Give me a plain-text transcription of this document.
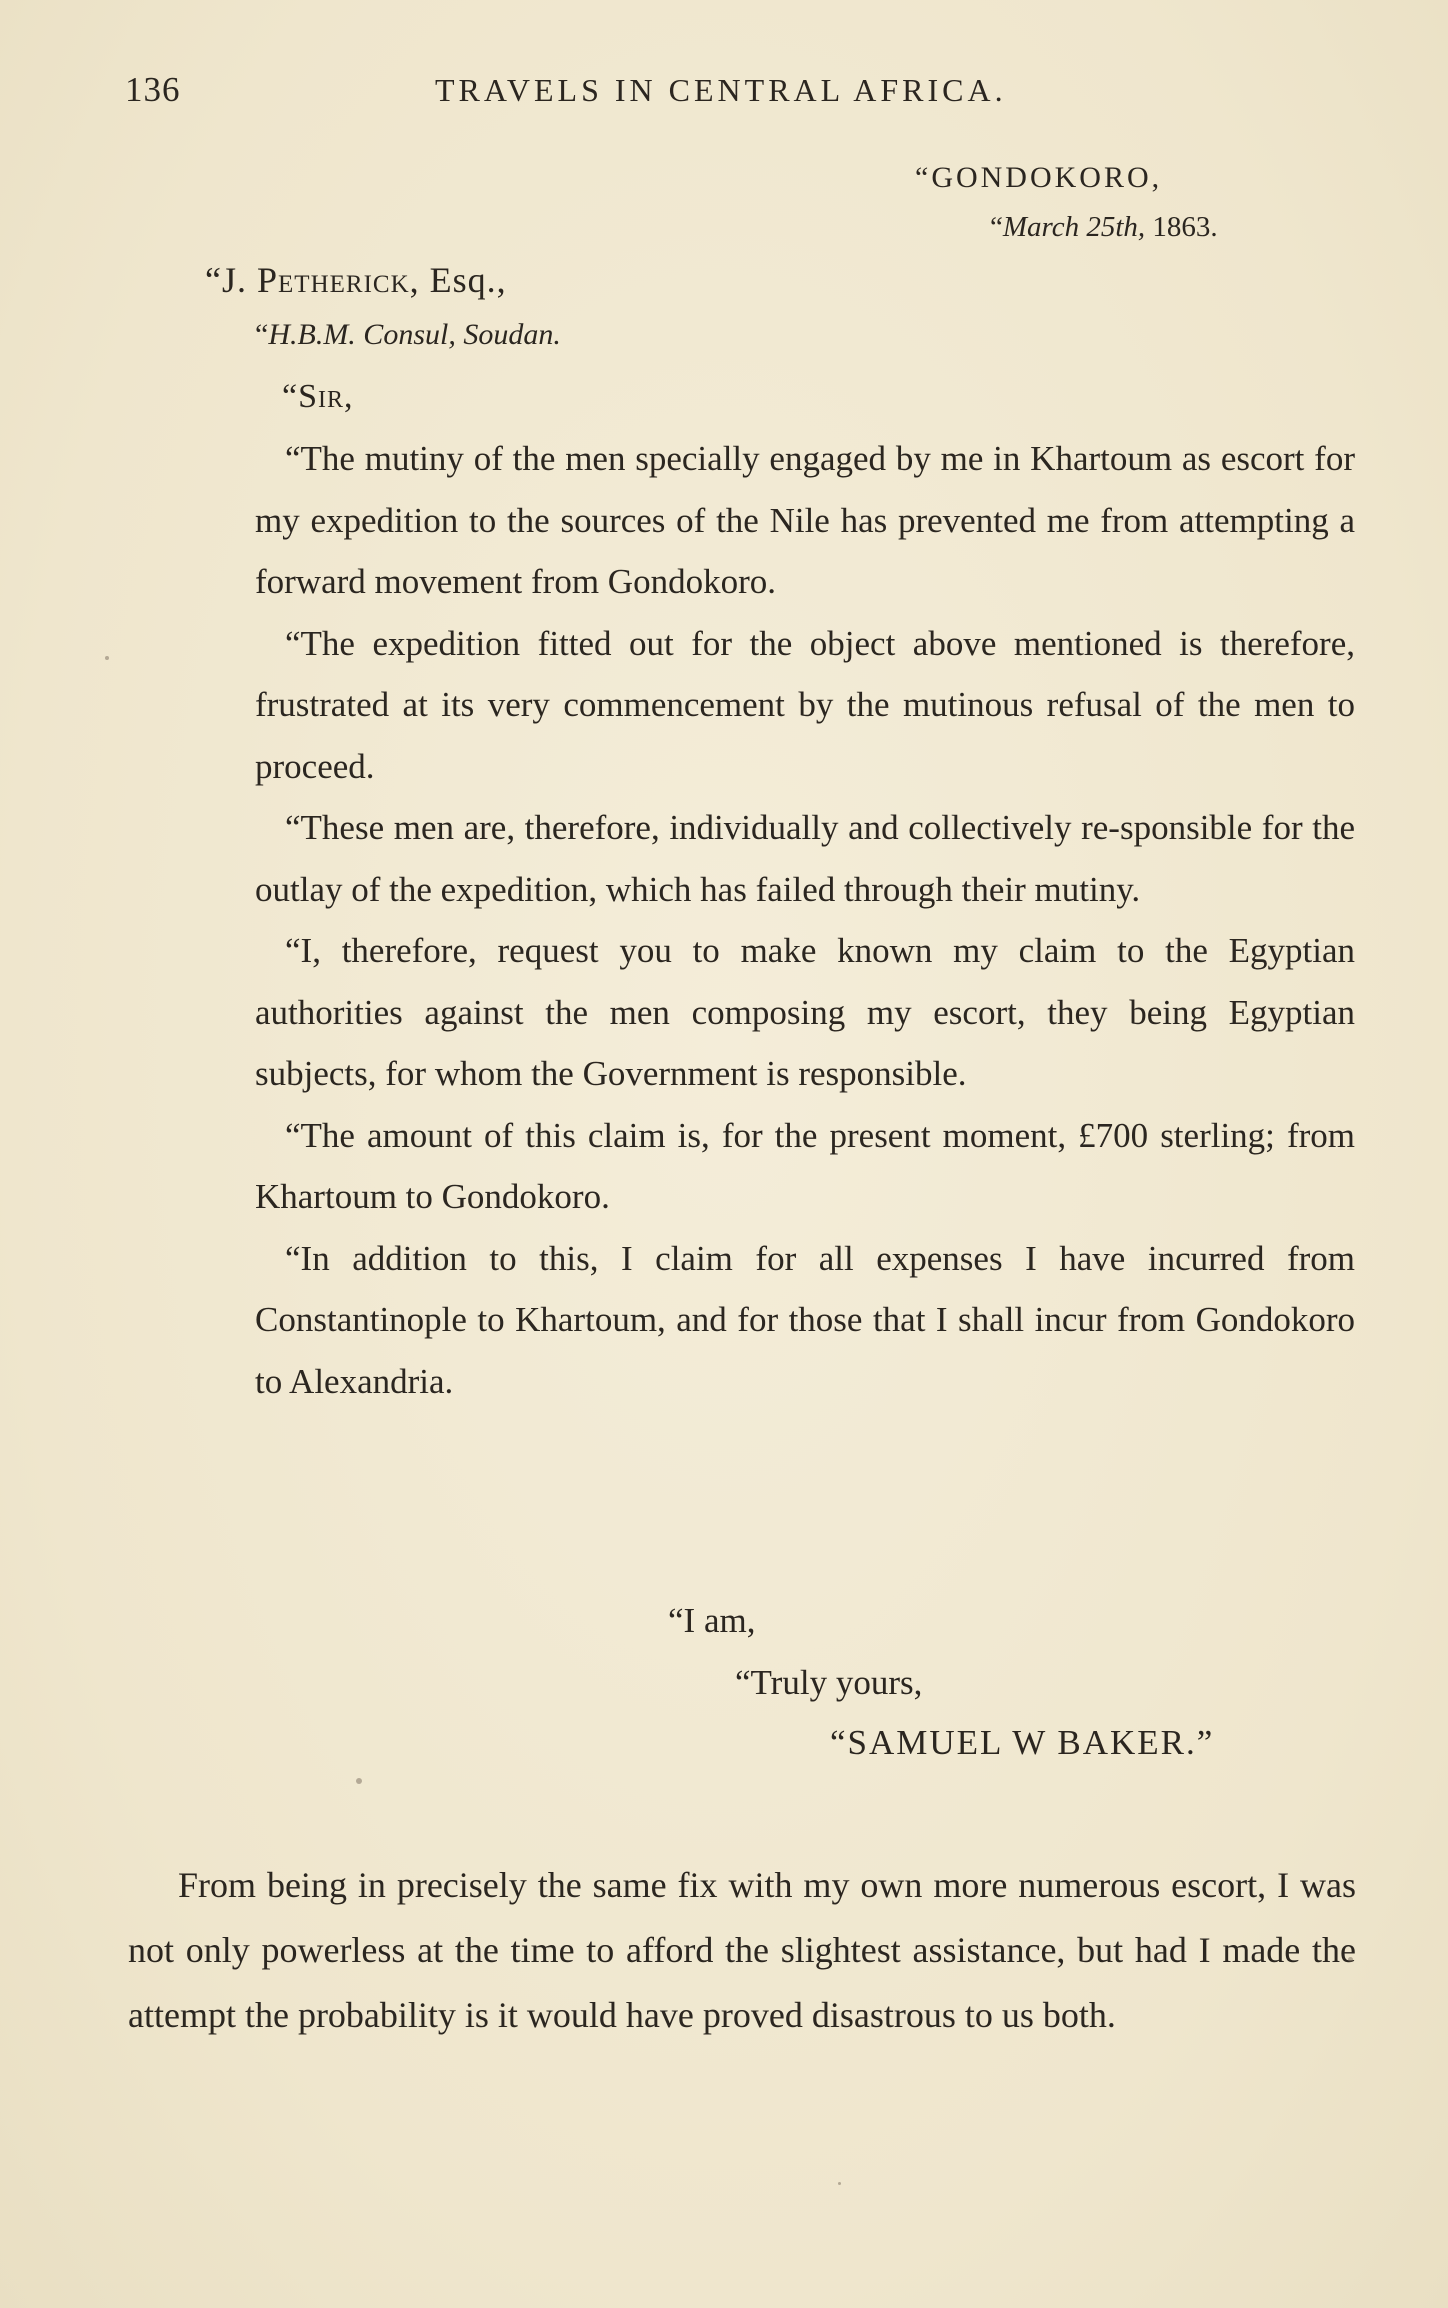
136	TRAVELS IN CENTRAL AFRICA.
“GONDOKORO,
“March 25th, 1863.
“J. Petherick, Esq.,
“H.B.M. Consul, Soudan.
“Sir,

“The mutiny of the men specially engaged by me in Khartoum as escort for my expedition to the sources of the Nile has prevented me from attempting a forward movement from Gondokoro.

“The expedition fitted out for the object above mentioned is therefore, frustrated at its very commencement by the mutinous refusal of the men to proceed.

“These men are, therefore, individually and collectively re-sponsible for the outlay of the expedition, which has failed through their mutiny.

“I, therefore, request you to make known my claim to the Egyptian authorities against the men composing my escort, they being Egyptian subjects, for whom the Government is responsible.

“The amount of this claim is, for the present moment, £700 sterling; from Khartoum to Gondokoro.

“In addition to this, I claim for all expenses I have incurred from Constantinople to Khartoum, and for those that I shall incur from Gondokoro to Alexandria.

“I am,
“Truly yours,
“SAMUEL W BAKER.”

From being in precisely the same fix with my own more numerous escort, I was not only powerless at the time to afford the slightest assistance, but had I made the attempt the probability is it would have proved disastrous to us both.
